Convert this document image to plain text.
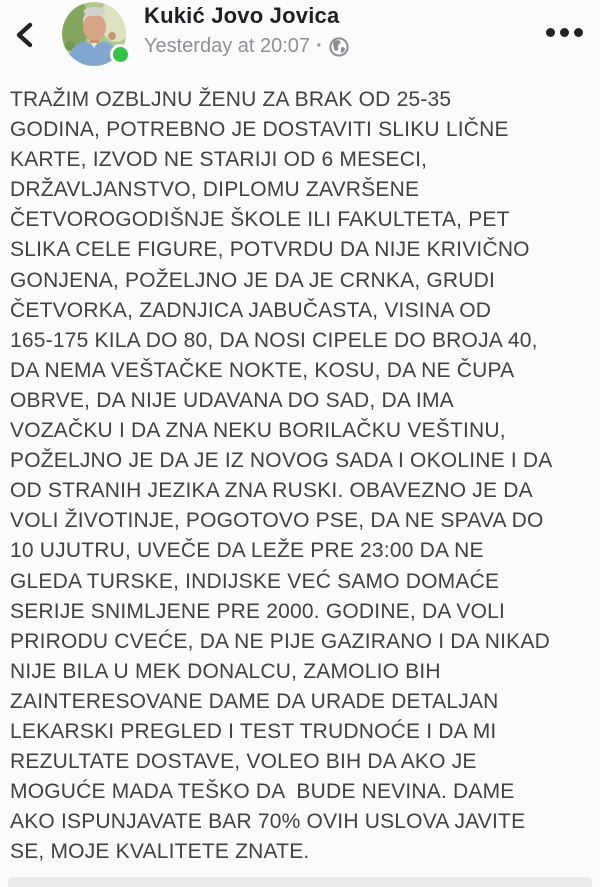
Kukić Jovo Jovica
Yesterday at 20:07 ·
TRAŽIM OZBLJNU ŽENU ZA BRAK OD 25-35
GODINA, POTREBNO JE DOSTAVITI SLIKU LIČNE
KARTE, IZVOD NE STARIJI OD 6 MESECI,
DRŽAVLJANSTVO, DIPLOMU ZAVRŠENE
ČETVOROGODIŠNJE ŠKOLE ILI FAKULTETA, PET
SLIKA CELE FIGURE, POTVRDU DA NIJE KRIVIČNO
GONJENA, POŽELJNO JE DA JE CRNKA, GRUDI
ČETVORKA, ZADNJICA JABUČASTA, VISINA OD
165-175 KILA DO 80, DA NOSI CIPELE DO BROJA 40,
DA NEMA VEŠTAČKE NOKTE, KOSU, DA NE ČUPA
OBRVE, DA NIJE UDAVANA DO SAD, DA IMA
VOZAČKU I DA ZNA NEKU BORILAČKU VEŠTINU,
POŽELJNO JE DA JE IZ NOVOG SADA I OKOLINE I DA
OD STRANIH JEZIKA ZNA RUSKI. OBAVEZNO JE DA
VOLI ŽIVOTINJE, POGOTOVO PSE, DA NE SPAVA DO
10 UJUTRU, UVEČE DA LEŽE PRE 23:00 DA NE
GLEDA TURSKE, INDIJSKE VEĆ SAMO DOMAĆE
SERIJE SNIMLJENE PRE 2000. GODINE, DA VOLI
PRIRODU CVEĆE, DA NE PIJE GAZIRANO I DA NIKAD
NIJE BILA U MEK DONALCU, ZAMOLIO BIH
ZAINTERESOVANE DAME DA URADE DETALJAN
LEKARSKI PREGLED I TEST TRUDNOĆE I DA MI
REZULTATE DOSTAVE, VOLEO BIH DA AKO JE
MOGUĆE MADA TEŠKO DA  BUDE NEVINA. DAME
AKO ISPUNJAVATE BAR 70% OVIH USLOVA JAVITE
SE, MOJE KVALITETE ZNATE.
